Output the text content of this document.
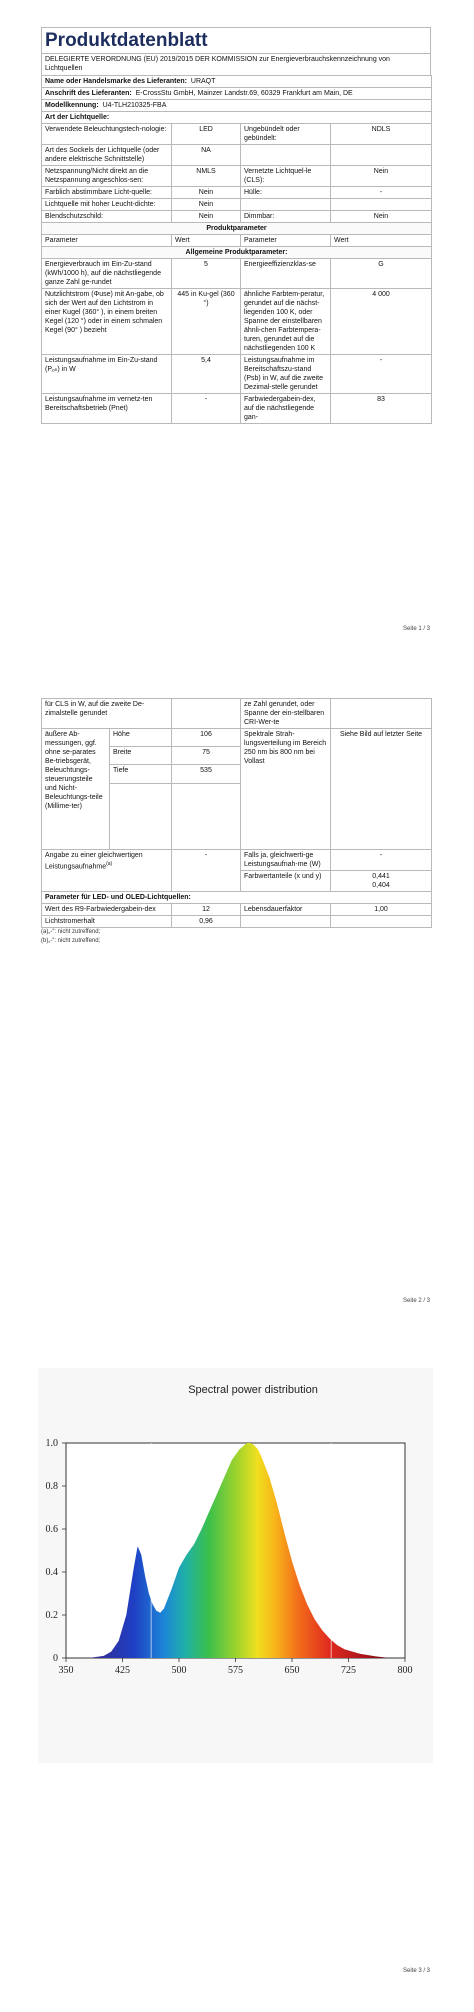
Produktdatenblatt
DELEGIERTE VERORDNUNG (EU) 2019/2015 DER KOMMISSION zur Energieverbrauchskennzeichnung von Lichtquellen
Name oder Handelsmarke des Lieferanten: URAQT			
Anschrift des Lieferanten: E-CrossStu GmbH, Mainzer Landstr.69, 60329 Frankfurt am Main, DE			
Modellkennung: U4-TLH210325-FBA			
Art der Lichtquelle:			
Verwendete Beleuchtungstech-nologie:	LED	Ungebündelt oder gebündelt:	NDLS
Art des Sockels der Lichtquelle (oder andere elektrische Schnittstelle)	NA		
Netzspannung/Nicht direkt an die Netzspannung angeschlos-sen:	NMLS	Vernetzte Lichtquel-le (CLS):	Nein
Farblich abstimmbare Licht-quelle:	Nein	Hülle:	-
Lichtquelle mit hoher Leucht-dichte:	Nein		
Blendschutzschild:	Nein	Dimmbar:	Nein
Produktparameter			
Parameter	Wert	Parameter	Wert
Allgemeine Produktparameter:			
Energieverbrauch im Ein-Zu-stand (kWh/1000 h), auf die nächstliegende ganze Zahl ge-rundet	5	Energieeffizienzklas-se	G
Nutzlichtstrom (Φuse) mit An-gabe, ob sich der Wert auf den Lichtstrom in einer Kugel (360° ), in einem breiten Kegel (120 °) oder in einem schmalen Kegel (90° ) bezieht	445 in Ku-gel (360 °)	ähnliche Farbtem-peratur, gerundet auf die nächst-liegenden 100 K, oder Spanne der einstellbaren ähnli-chen Farbtempera-turen, gerundet auf die nächstliegenden 100 K	4 000
Leistungsaufnahme im Ein-Zu-stand (Pₒₙ) in W	5,4	Leistungsaufnahme im Bereitschaftszu-stand (Psb) in W, auf die zweite Dezimal-stelle gerundet	-
Leistungsaufnahme im vernetz-ten Bereitschaftsbetrieb (Pnet)	-	Farbwiedergabein-dex, auf die nächstliegende gan-	83
Seite 1 / 3
für CLS in W, auf die zweite De-zimalstelle gerundet			ze Zahl gerundet, oder Spanne der ein-stellbaren CRI-Wer-te	
äußere Ab-messungen, ggf. ohne se-parates Be-triebsgerät, Beleuchtungs-steuerungsteile und Nicht-Beleuchtungs-teile (Millime-ter)	Höhe	106	Spektrale Strah-lungsverteilung im Bereich 250 nm bis 800 nm bei Vollast	Siehe Bild auf letzter Seite
	Breite	75		
	Tiefe	535		

Angabe zu einer gleichwertigen Leistungsaufnahme$^{(a)}$		-	Falls ja, gleichwerti-ge Leistungsaufnah-me (W)	-
			Farbwertanteile (x und y)	0,441
0,404
Parameter für LED- und OLED-Lichtquellen:				
Wert des R9-Farbwiedergabein-dex		12	Lebensdauerfaktor	1,00
Lichtstromerhalt		0,96		
(a)„-“: nicht zutreffend;
(b)„-“: nicht zutreffend;
Seite 2 / 3
Spectral power distribution
350	425	500	575	650	725	800
0
0.2
0.4
0.6
0.8
1.0
Seite 3 / 3
